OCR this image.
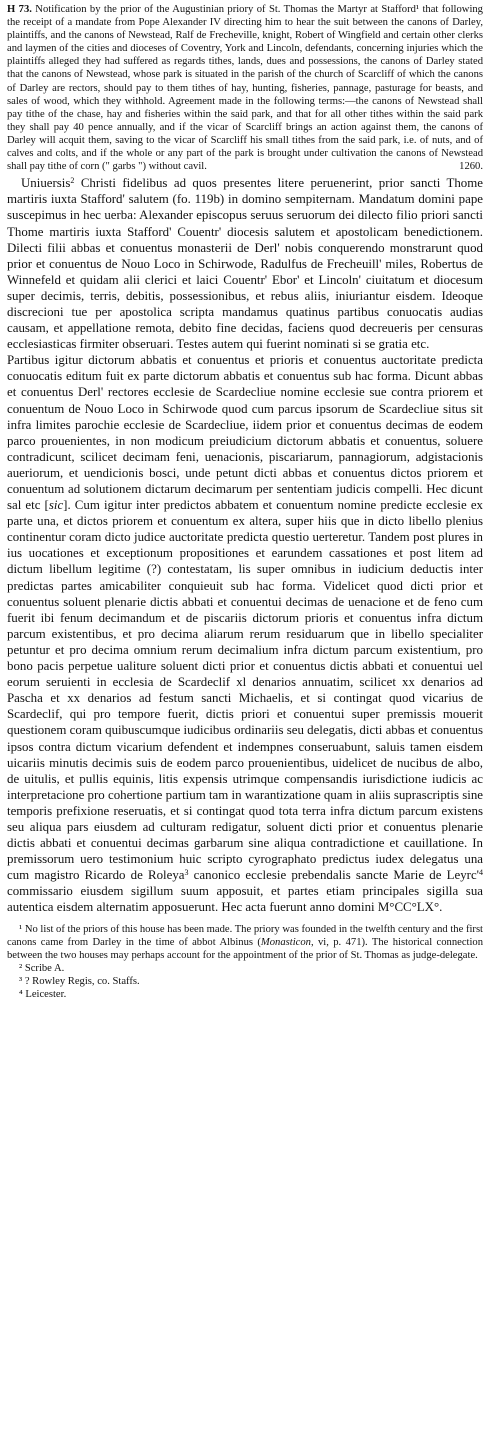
H 73. Notification by the prior of the Augustinian priory of St. Thomas the Martyr at Stafford¹ that following the receipt of a mandate from Pope Alexander IV directing him to hear the suit between the canons of Darley, plaintiffs, and the canons of Newstead, Ralf de Frecheville, knight, Robert of Wingfield and certain other clerks and laymen of the cities and dioceses of Coventry, York and Lincoln, defendants, concerning injuries which the plaintiffs alleged they had suffered as regards tithes, lands, dues and possessions, the canons of Darley stated that the canons of Newstead, whose park is situated in the parish of the church of Scarcliff of which the canons of Darley are rectors, should pay to them tithes of hay, hunting, fisheries, pannage, pasturage for beasts, and sales of wood, which they withhold. Agreement made in the following terms:—the canons of Newstead shall pay tithe of the chase, hay and fisheries within the said park, and that for all other tithes within the said park they shall pay 40 pence annually, and if the vicar of Scarcliff brings an action against them, the canons of Darley will acquit them, saving to the vicar of Scarcliff his small tithes from the said park, i.e. of nuts, and of calves and colts, and if the whole or any part of the park is brought under cultivation the canons of Newstead shall pay tithe of corn (" garbs ") without cavil.	1260.

Uniuersis$^2$ Christi fidelibus ad quos presentes litere peruenerint, prior sancti Thome martiris iuxta Stafford' salutem (fo. 119b) in domino sempiternam. Mandatum domini pape suscepimus in hec uerba: Alexander episcopus seruus seruorum dei dilecto filio priori sancti Thome martiris iuxta Stafford' Couentr' diocesis salutem et apostolicam benedictionem. Dilecti filii abbas et conuentus monasterii de Derl' nobis conquerendo monstrarunt quod prior et conuentus de Nouo Loco in Schirwode, Radulfus de Frecheuill' miles, Robertus de Winnefeld et quidam alii clerici et laici Couentr' Ebor' et Lincoln' ciuitatum et diocesum super decimis, terris, debitis, possessionibus, et rebus aliis, iniuriantur eisdem. Ideoque discrecioni tue per apostolica scripta mandamus quatinus partibus conuocatis audias causam, et appellatione remota, debito fine decidas, faciens quod decreueris per censuras ecclesiasticas firmiter obseruari. Testes autem qui fuerint nominati si se gratia etc.

Partibus igitur dictorum abbatis et conuentus et prioris et conuentus auctoritate predicta conuocatis editum fuit ex parte dictorum abbatis et conuentus sub hac forma. Dicunt abbas et conuentus Derl' rectores ecclesie de Scardecliue nomine ecclesie sue contra priorem et conuentum de Nouo Loco in Schirwode quod cum parcus ipsorum de Scardecliue situs sit infra limites parochie ecclesie de Scardecliue, iidem prior et conuentus decimas de eodem parco prouenientes, in non modicum preiudicium dictorum abbatis et conuentus, soluere contradicunt, scilicet decimam feni, uenacionis, piscariarum, pannagiorum, adgistacionis aueriorum, et uendicionis bosci, unde petunt dicti abbas et conuentus dictos priorem et conuentum ad solutionem dictarum decimarum per sententiam judicis compelli. Hec dicunt sal etc [sic]. Cum igitur inter predictos abbatem et conuentum nomine predicte ecclesie ex parte una, et dictos priorem et conuentum ex altera, super hiis que in dicto libello plenius continentur coram dicto judice auctoritate predicta questio uerteretur. Tandem post plures in ius uocationes et exceptionum propositiones et earundem cassationes et post litem ad dictum libellum legitime (?) contestatam, lis super omnibus in iudicium deductis inter predictas partes amicabiliter conquieuit sub hac forma. Videlicet quod dicti prior et conuentus soluent plenarie dictis abbati et conuentui decimas de uenacione et de feno cum fuerit ibi fenum decimandum et de piscariis dictorum prioris et conuentus infra dictum parcum existentibus, et pro decima aliarum rerum residuarum que in libello specialiter petuntur et pro decima omnium rerum decimalium infra dictum parcum existentium, pro bono pacis perpetue ualiture soluent dicti prior et conuentus dictis abbati et conuentui uel eorum seruienti in ecclesia de Scardeclif xl denarios annuatim, scilicet xx denarios ad Pascha et xx denarios ad festum sancti Michaelis, et si contingat quod vicarius de Scardeclif, qui pro tempore fuerit, dictis priori et conuentui super premissis mouerit questionem coram quibuscumque iudicibus ordinariis seu delegatis, dicti abbas et conuentus ipsos contra dictum vicarium defendent et indempnes conseruabunt, saluis tamen eisdem uicariis minutis decimis suis de eodem parco prouenientibus, uidelicet de nucibus de albo, de uitulis, et pullis equinis, litis expensis utrimque compensandis iurisdictione iudicis ac interpretacione pro cohertione partium tam in warantizatione quam in aliis suprascriptis sine temporis prefixione reseruatis, et si contingat quod tota terra infra dictum parcum existens seu aliqua pars eiusdem ad culturam redigatur, soluent dicti prior et conuentus plenarie dictis abbati et conuentui decimas garbarum sine aliqua contradictione et cauillatione. In premissorum uero testimonium huic scripto cyrographato predictus iudex delegatus una cum magistro Ricardo de Roleya$^3$ canonico ecclesie prebendalis sancte Marie de $Leyrc'^4$ commissario eiusdem sigillum suum apposuit, et partes etiam principales sigilla sua autentica eisdem alternatim apposuerunt. Hec acta fuerunt anno domini M°CC°LX°.

¹ No list of the priors of this house has been made. The priory was founded in the twelfth century and the first canons came from Darley in the time of abbot Albinus (Monasticon, vi, p. 471). The historical connection between the two houses may perhaps account for the appointment of the prior of St. Thomas as judge-delegate.

² Scribe A.

³ ? Rowley Regis, co. Staffs.

⁴ Leicester.
